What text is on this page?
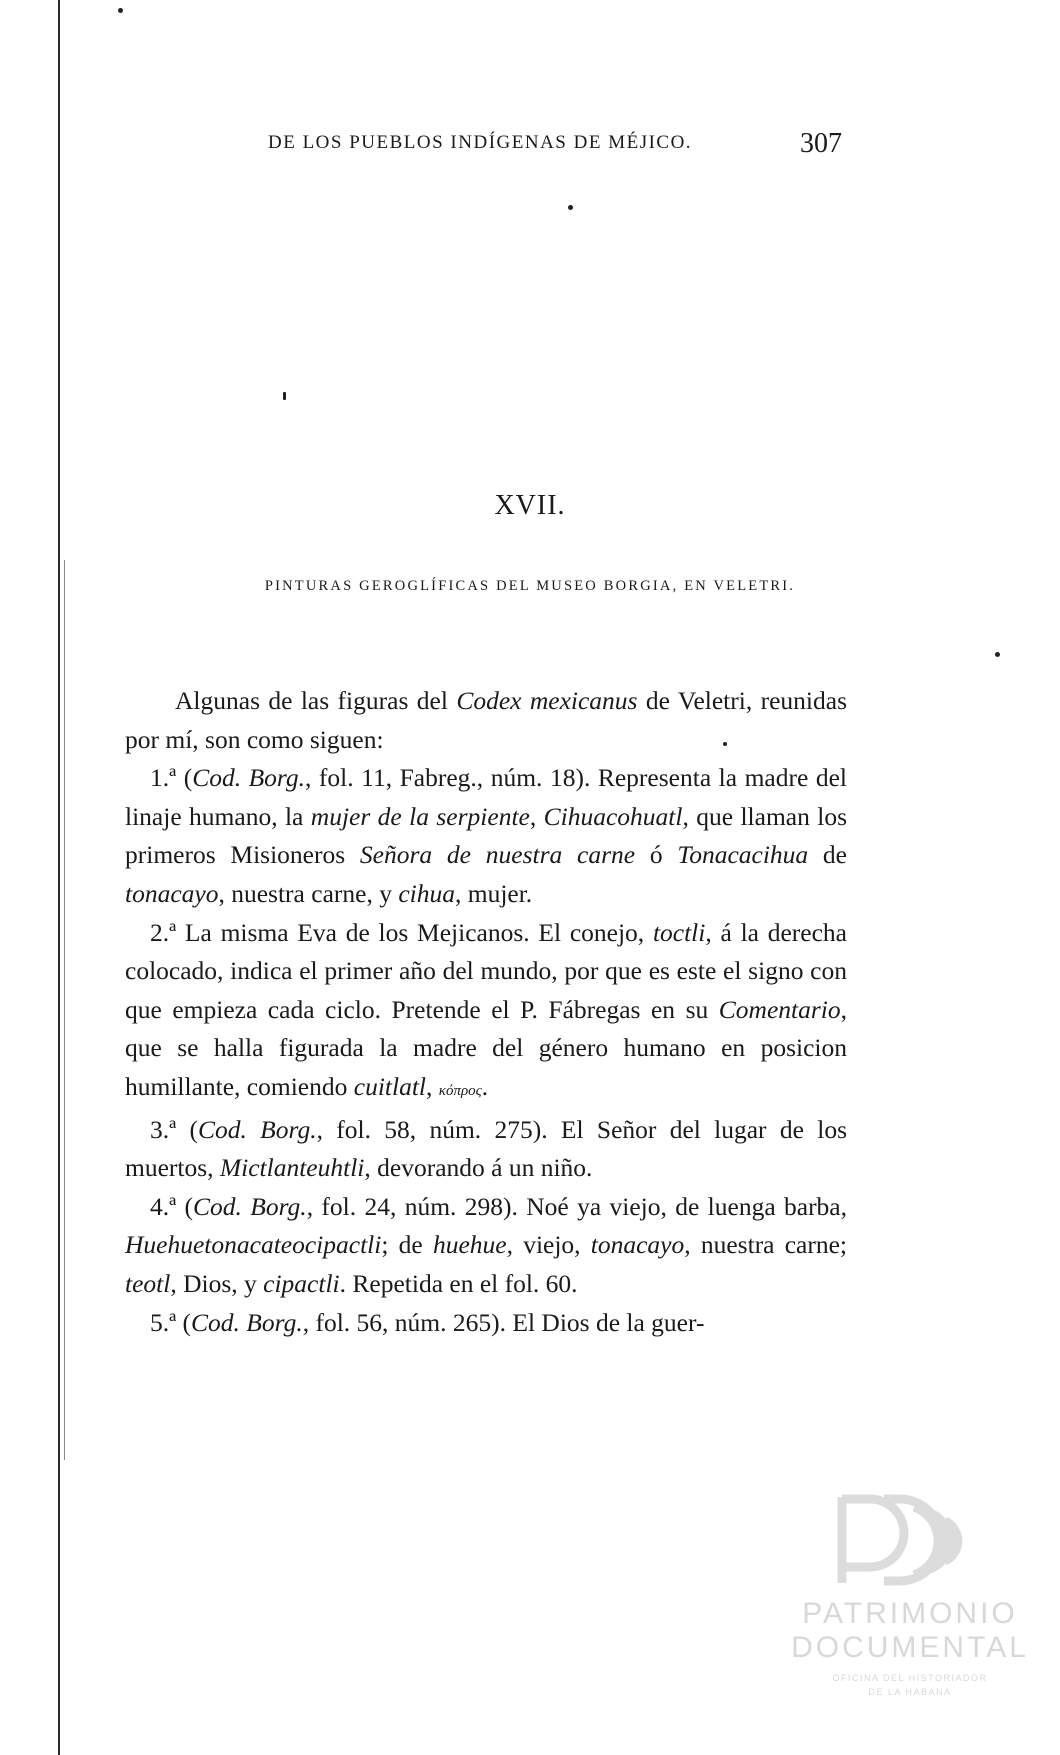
DE LOS PUEBLOS INDÍGENAS DE MÉJICO.	307
XVII.
PINTURAS GEROGLÍFICAS DEL MUSEO BORGIA, EN VELETRI.

Algunas de las figuras del Codex mexicanus de Veletri, reunidas por mí, son como siguen:

1.ª (Cod. Borg., fol. 11, Fabreg., núm. 18). Representa la madre del linaje humano, la mujer de la serpiente, Cihuacohuatl, que llaman los primeros Misioneros Señora de nuestra carne ó Tonacacihua de tonacayo, nuestra carne, y cihua, mujer.

2.ª La misma Eva de los Mejicanos. El conejo, toctli, á la derecha colocado, indica el primer año del mundo, por que es este el signo con que empieza cada ciclo. Pretende el P. Fábregas en su Comentario, que se halla figurada la madre del género humano en posicion humillante, comiendo cuitlatl, κόπρος.

3.ª (Cod. Borg., fol. 58, núm. 275). El Señor del lugar de los muertos, Mictlanteuhtli, devorando á un niño.

4.ª (Cod. Borg., fol. 24, núm. 298). Noé ya viejo, de luenga barba, Huehuetonacateocipactli; de huehue, viejo, tonacayo, nuestra carne; teotl, Dios, y cipactli. Repetida en el fol. 60.

5.ª (Cod. Borg., fol. 56, núm. 265). El Dios de la guer-

PATRIMONIO
DOCUMENTAL
OFICINA DEL HISTORIADOR
DE LA HABANA
